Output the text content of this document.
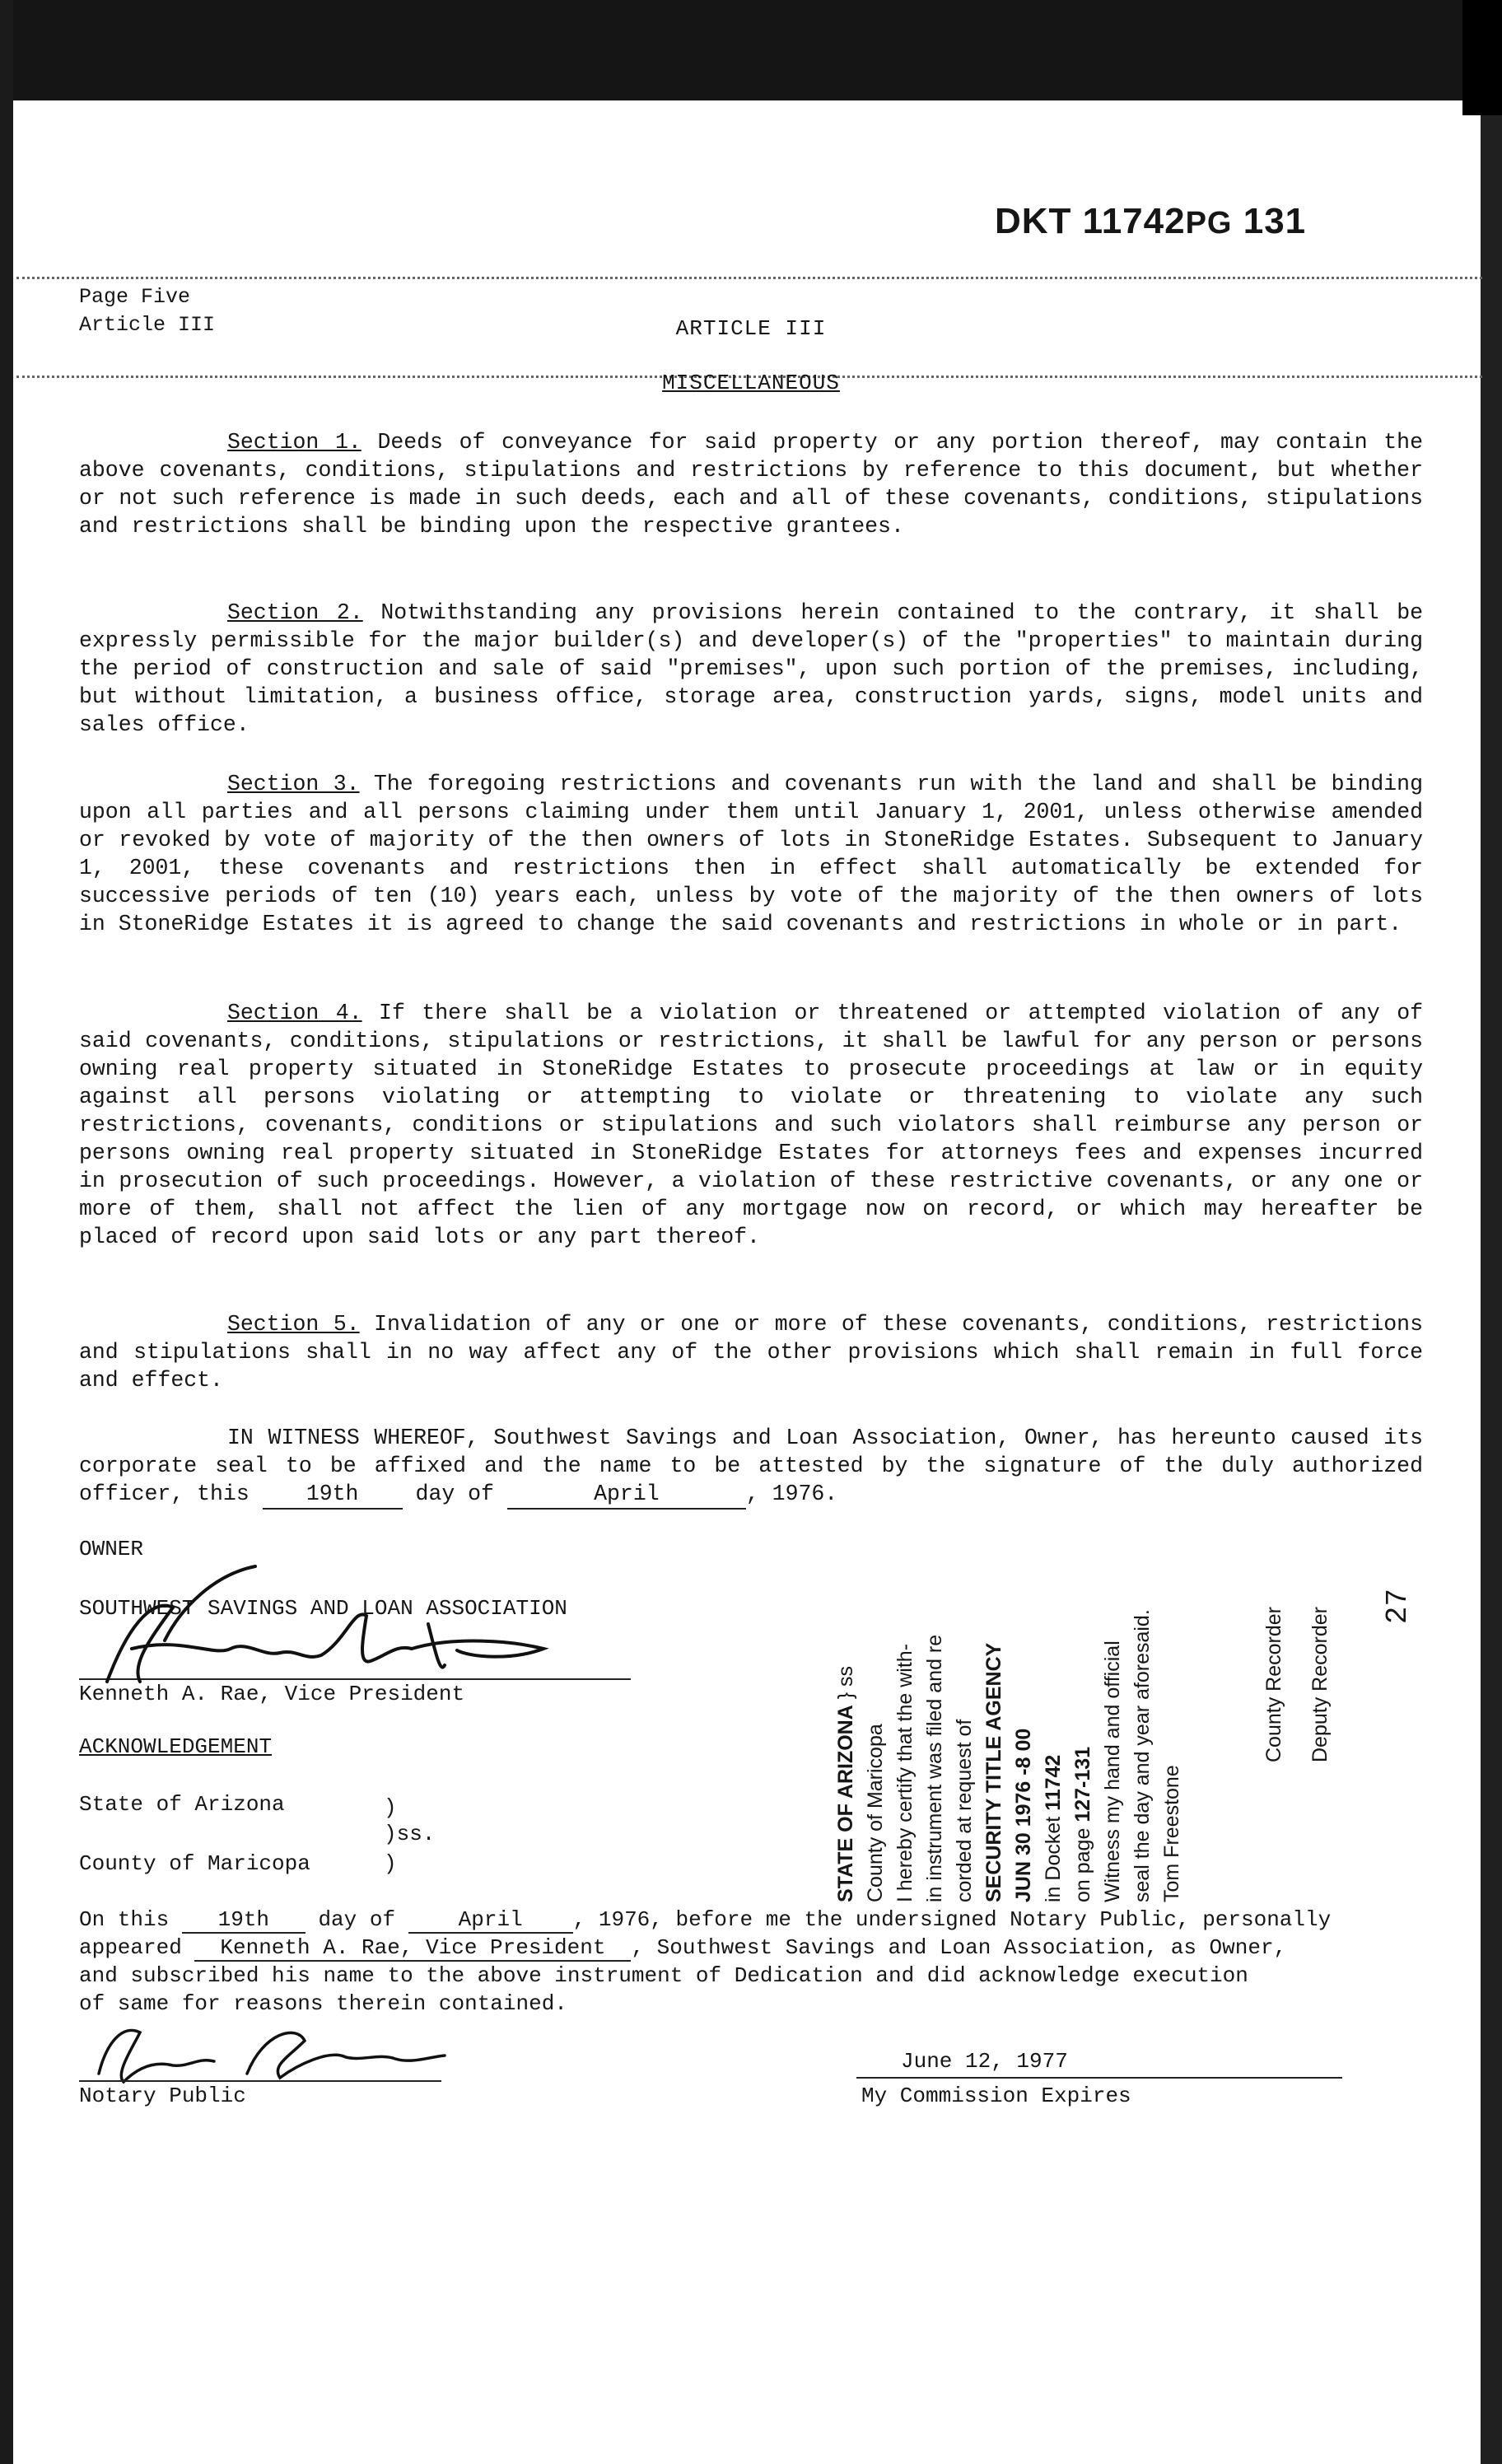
DKT 11742PG 131
Page Five
Article III	ARTICLE III
MISCELLANEOUS
Section 1. Deeds of conveyance for said property or any portion thereof, may contain the above covenants, conditions, stipulations and restrictions by reference to this document, but whether or not such reference is made in such deeds, each and all of these covenants, conditions, stipulations and restrictions shall be binding upon the respective grantees.
Section 2. Notwithstanding any provisions herein contained to the contrary, it shall be expressly permissible for the major builder(s) and developer(s) of the "properties" to maintain during the period of construction and sale of said "premises", upon such portion of the premises, including, but without limitation, a business office, storage area, construction yards, signs, model units and sales office.
Section 3. The foregoing restrictions and covenants run with the land and shall be binding upon all parties and all persons claiming under them until January 1, 2001, unless otherwise amended or revoked by vote of majority of the then owners of lots in StoneRidge Estates. Subsequent to January 1, 2001, these covenants and restrictions then in effect shall automatically be extended for successive periods of ten (10) years each, unless by vote of the majority of the then owners of lots in StoneRidge Estates it is agreed to change the said covenants and restrictions in whole or in part.
Section 4. If there shall be a violation or threatened or attempted violation of any of said covenants, conditions, stipulations or restrictions, it shall be lawful for any person or persons owning real property situated in StoneRidge Estates to prosecute proceedings at law or in equity against all persons violating or attempting to violate or threatening to violate any such restrictions, covenants, conditions or stipulations and such violators shall reimburse any person or persons owning real property situated in StoneRidge Estates for attorneys fees and expenses incurred in prosecution of such proceedings. However, a violation of these restrictive covenants, or any one or more of them, shall not affect the lien of any mortgage now on record, or which may hereafter be placed of record upon said lots or any part thereof.
Section 5. Invalidation of any or one or more of these covenants, conditions, restrictions and stipulations shall in no way affect any of the other provisions which shall remain in full force and effect.
IN WITNESS WHEREOF, Southwest Savings and Loan Association, Owner, has hereunto caused its corporate seal to be affixed and the name to be attested by the signature of the duly authorized officer, this 19th day of	April	, 1976.
OWNER
SOUTHWEST SAVINGS AND LOAN ASSOCIATION
Kenneth A. Rae, Vice President
ACKNOWLEDGEMENT
State of Arizona	)
)ss.
County of Maricopa	)
On this 19th day of	April , 1976, before me the undersigned Notary Public, personally
appeared Kenneth A. Rae, Vice President , Southwest Savings and Loan Association, as Owner,
and subscribed his name to the above instrument of Dedication and did acknowledge execution
of same for reasons therein contained.
Notary Public
June 12, 1977
My Commission Expires
STATE OF ARIZONA } ss
County of Maricopa I hereby certify that the with- in instrument was filed and re corded at request of SECURITY TITLE AGENCY JUN 30 1976 -8 00 in Docket 11742
on page 127-131 Witness my hand and official seal the day and year aforesaid. Tom Freestone
County Recorder Deputy Recorder
27
